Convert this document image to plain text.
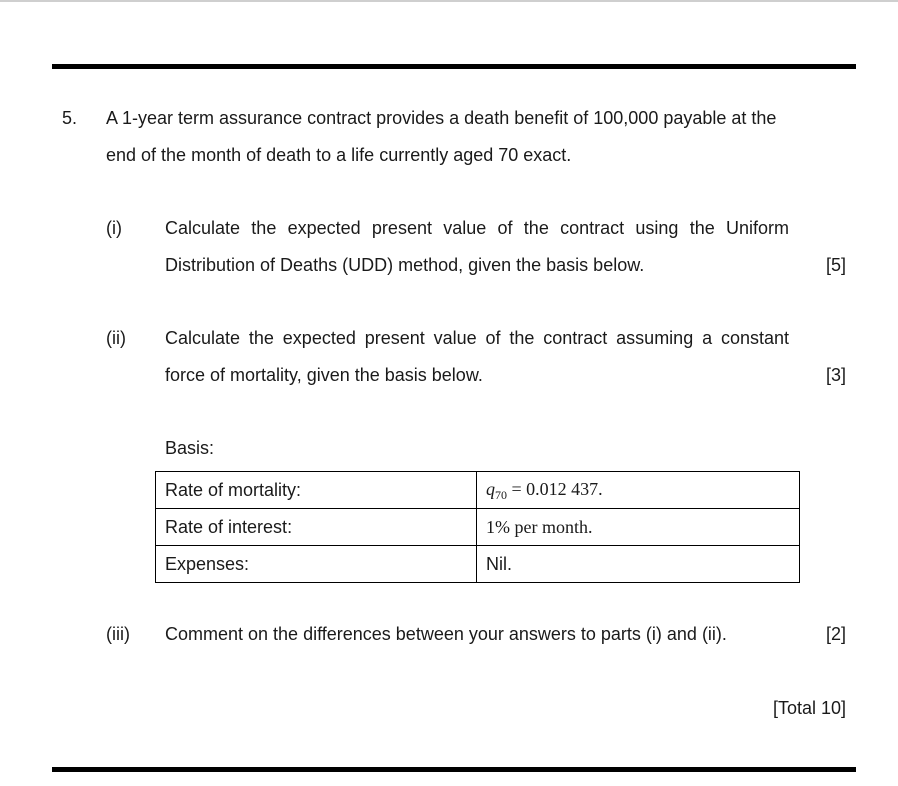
5. A 1-year term assurance contract provides a death benefit of 100,000 payable at the
end of the month of death to a life currently aged 70 exact.
(i) Calculate the expected present value of the contract using the Uniform
Distribution of Deaths (UDD) method, given the basis below.	[5]
(ii) Calculate the expected present value of the contract assuming a constant
force of mortality, given the basis below.	[3]
Basis:
Rate of mortality:	$q_{70} = 0.012$ 437.
Rate of interest:	1% per month.
Expenses:	Nil.
(iii) Comment on the differences between your answers to parts (i) and (ii).	[2]
[Total 10]
